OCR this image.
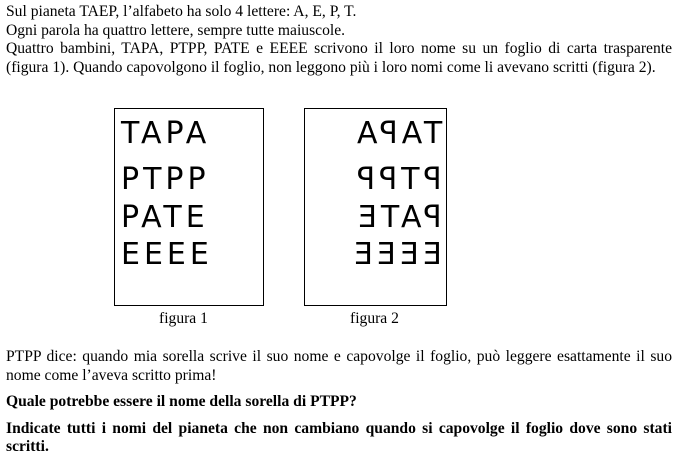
Sul pianeta TAEP, l’alfabeto ha solo 4 lettere: A, E, P, T.

Ogni parola ha quattro lettere, sempre tutte maiuscole.

Quattro bambini, TAPA, PTPP, PATE e EEEE scrivono il loro nome su un foglio di carta trasparente (figura 1). Quando capovolgono il foglio, non leggono più i loro nomi come li avevano scritti (figura 2).

TAPA
PTPP
PATE
EEEE
figura 1
TAPA
PTPP
PATE
EEEE
figura 2

PTPP dice: quando mia sorella scrive il suo nome e capovolge il foglio, può leggere esattamente il suo nome come l’aveva scritto prima!

Quale potrebbe essere il nome della sorella di PTPP?

Indicate tutti i nomi del pianeta che non cambiano quando si capovolge il foglio dove sono stati scritti.
